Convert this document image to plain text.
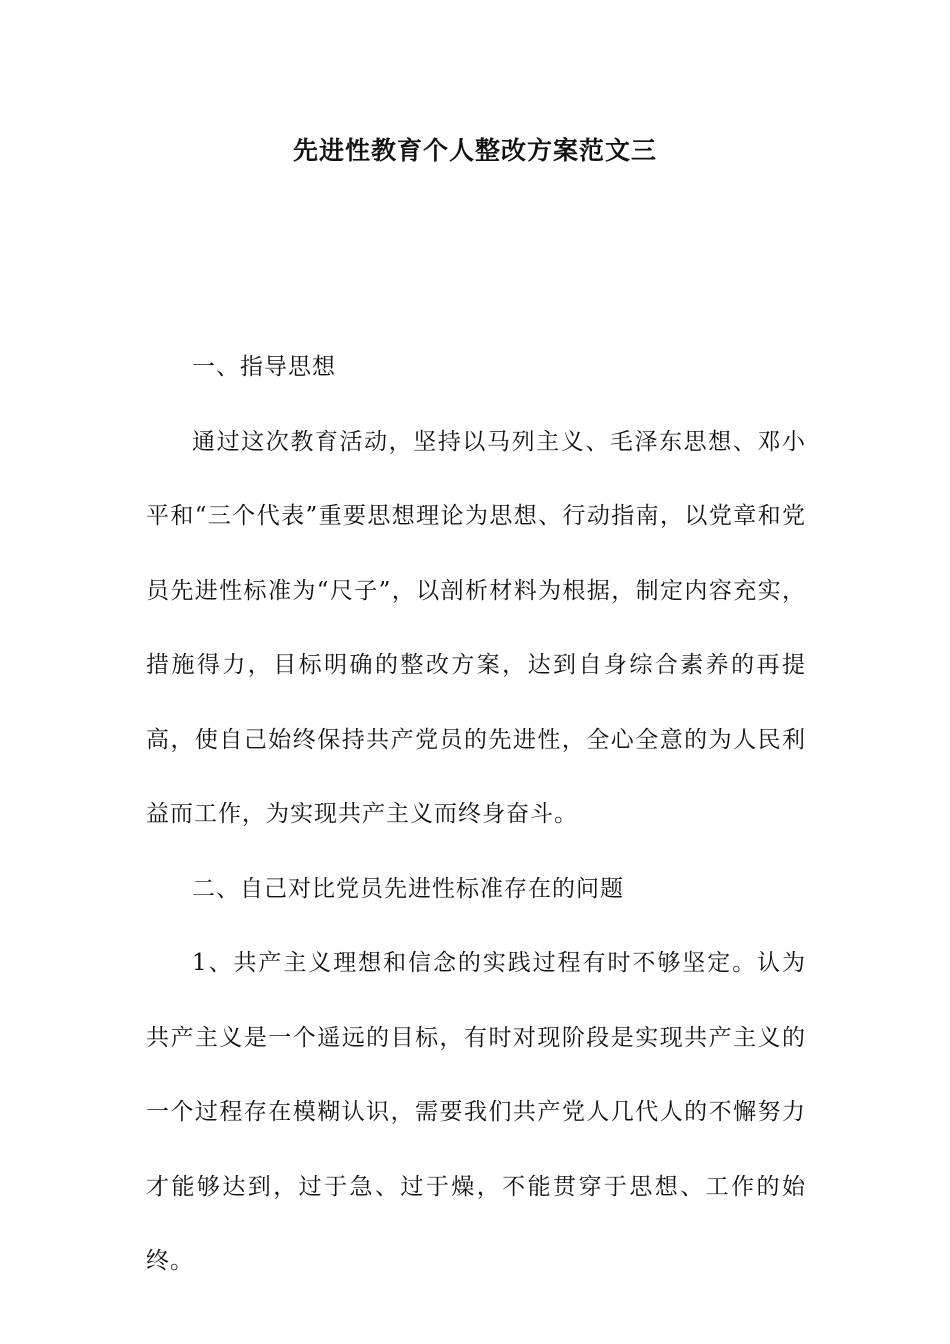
先进性教育个人整改方案范文三

一、指导思想

通过这次教育活动，坚持以马列主义、毛泽东思想、邓小平和“三个代表”重要思想理论为思想、行动指南，以党章和党员先进性标准为“尺子”，以剖析材料为根据，制定内容充实，措施得力，目标明确的整改方案，达到自身综合素养的再提高，使自己始终保持共产党员的先进性，全心全意的为人民利益而工作，为实现共产主义而终身奋斗。

二、自己对比党员先进性标准存在的问题

1、共产主义理想和信念的实践过程有时不够坚定。认为共产主义是一个遥远的目标，有时对现阶段是实现共产主义的一个过程存在模糊认识，需要我们共产党人几代人的不懈努力才能够达到，过于急、过于燥，不能贯穿于思想、工作的始终。
